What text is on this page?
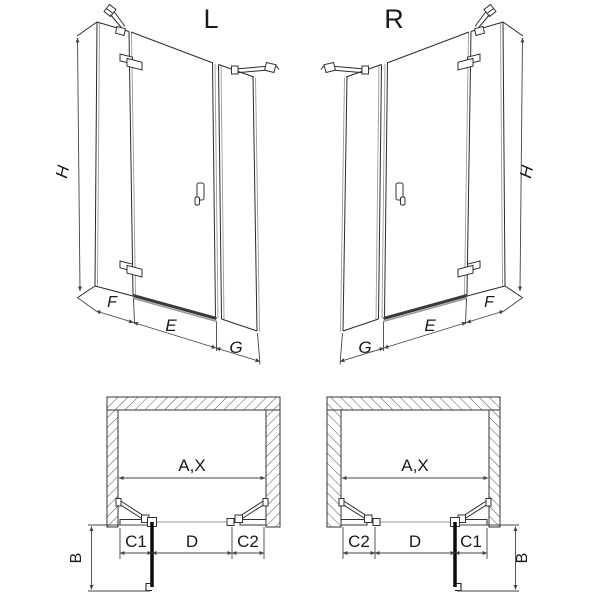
L	R
H
F
E
G
H
F
E
G
A,X
C1 D C2
B
A,X
C2 D C1
B
